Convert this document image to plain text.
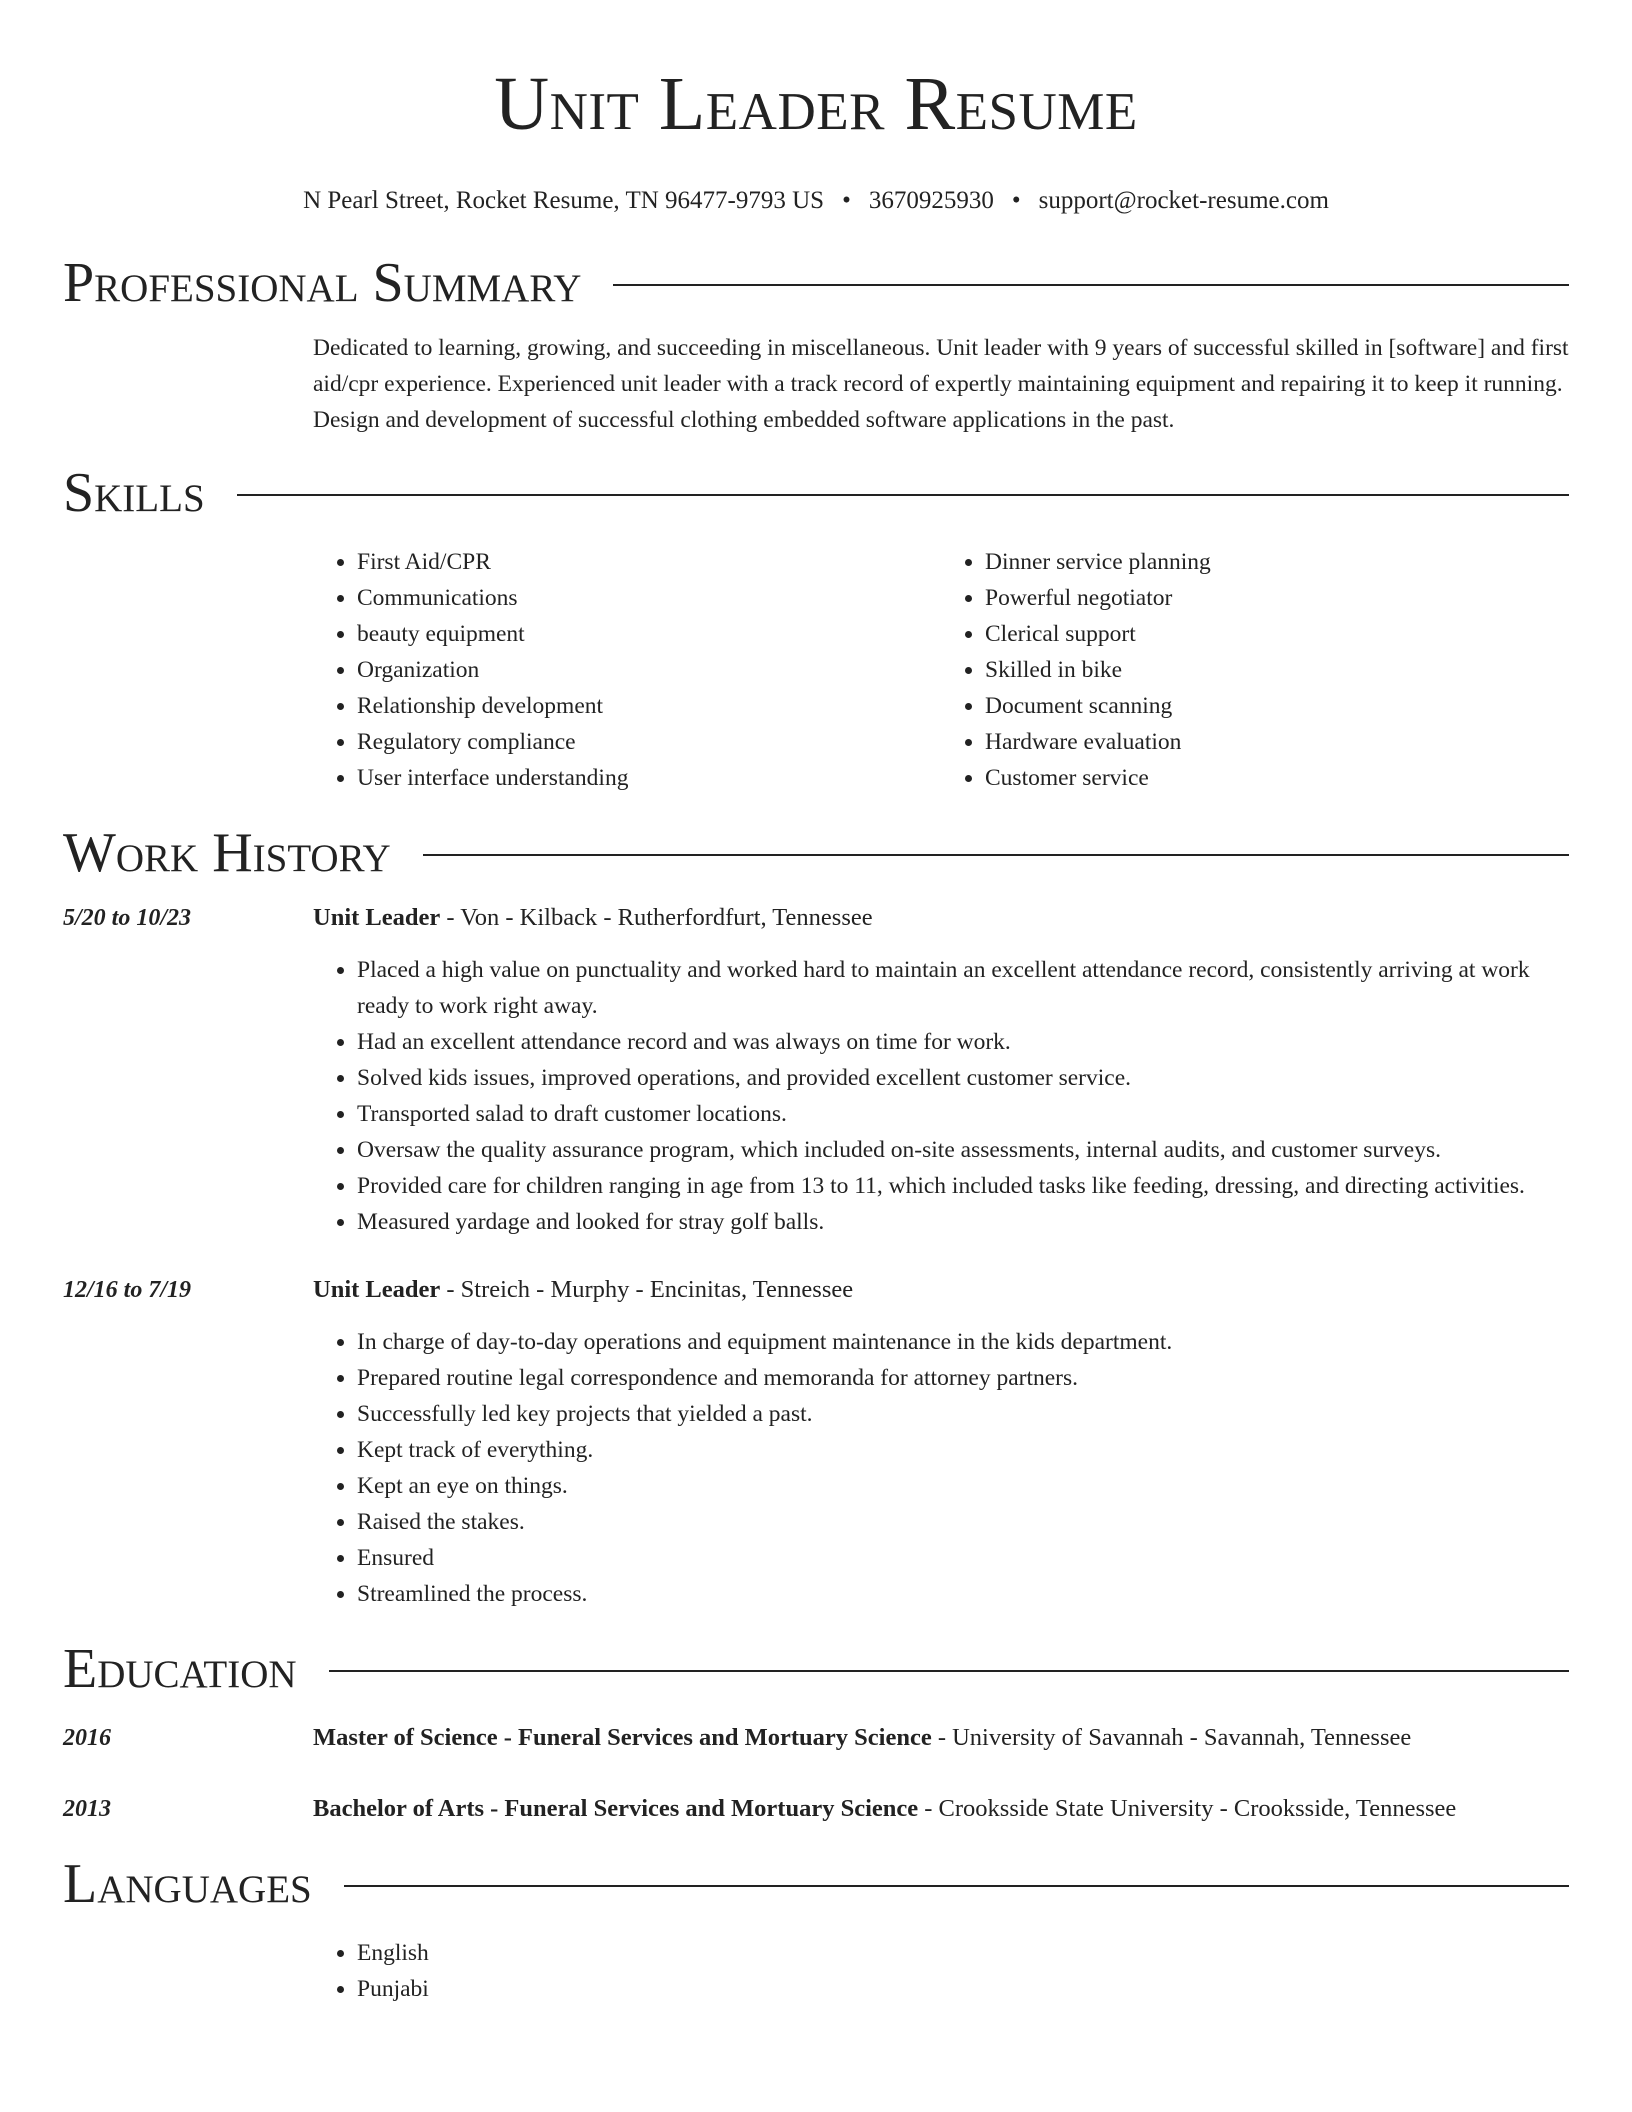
Unit Leader Resume
N Pearl Street, Rocket Resume, TN 96477-9793 US • 3670925930 • support@rocket-resume.com
Professional Summary
Dedicated to learning, growing, and succeeding in miscellaneous. Unit leader with 9 years of successful skilled in [software] and first aid/cpr experience. Experienced unit leader with a track record of expertly maintaining equipment and repairing it to keep it running. Design and development of successful clothing embedded software applications in the past.
Skills
• First Aid/CPR
• Communications
• beauty equipment
• Organization
• Relationship development
• Regulatory compliance
• User interface understanding
• Dinner service planning
• Powerful negotiator
• Clerical support
• Skilled in bike
• Document scanning
• Hardware evaluation
• Customer service
Work History
5/20 to 10/23	Unit Leader - Von - Kilback - Rutherfordfurt, Tennessee
• Placed a high value on punctuality and worked hard to maintain an excellent attendance record, consistently arriving at work ready to work right away.
• Had an excellent attendance record and was always on time for work.
• Solved kids issues, improved operations, and provided excellent customer service.
• Transported salad to draft customer locations.
• Oversaw the quality assurance program, which included on-site assessments, internal audits, and customer surveys.
• Provided care for children ranging in age from 13 to 11, which included tasks like feeding, dressing, and directing activities.
• Measured yardage and looked for stray golf balls.
12/16 to 7/19	Unit Leader - Streich - Murphy - Encinitas, Tennessee
• In charge of day-to-day operations and equipment maintenance in the kids department.
• Prepared routine legal correspondence and memoranda for attorney partners.
• Successfully led key projects that yielded a past.
• Kept track of everything.
• Kept an eye on things.
• Raised the stakes.
• Ensured
• Streamlined the process.
Education
2016	Master of Science - Funeral Services and Mortuary Science - University of Savannah - Savannah, Tennessee
2013	Bachelor of Arts - Funeral Services and Mortuary Science - Crooksside State University - Crooksside, Tennessee
Languages
• English
• Punjabi
